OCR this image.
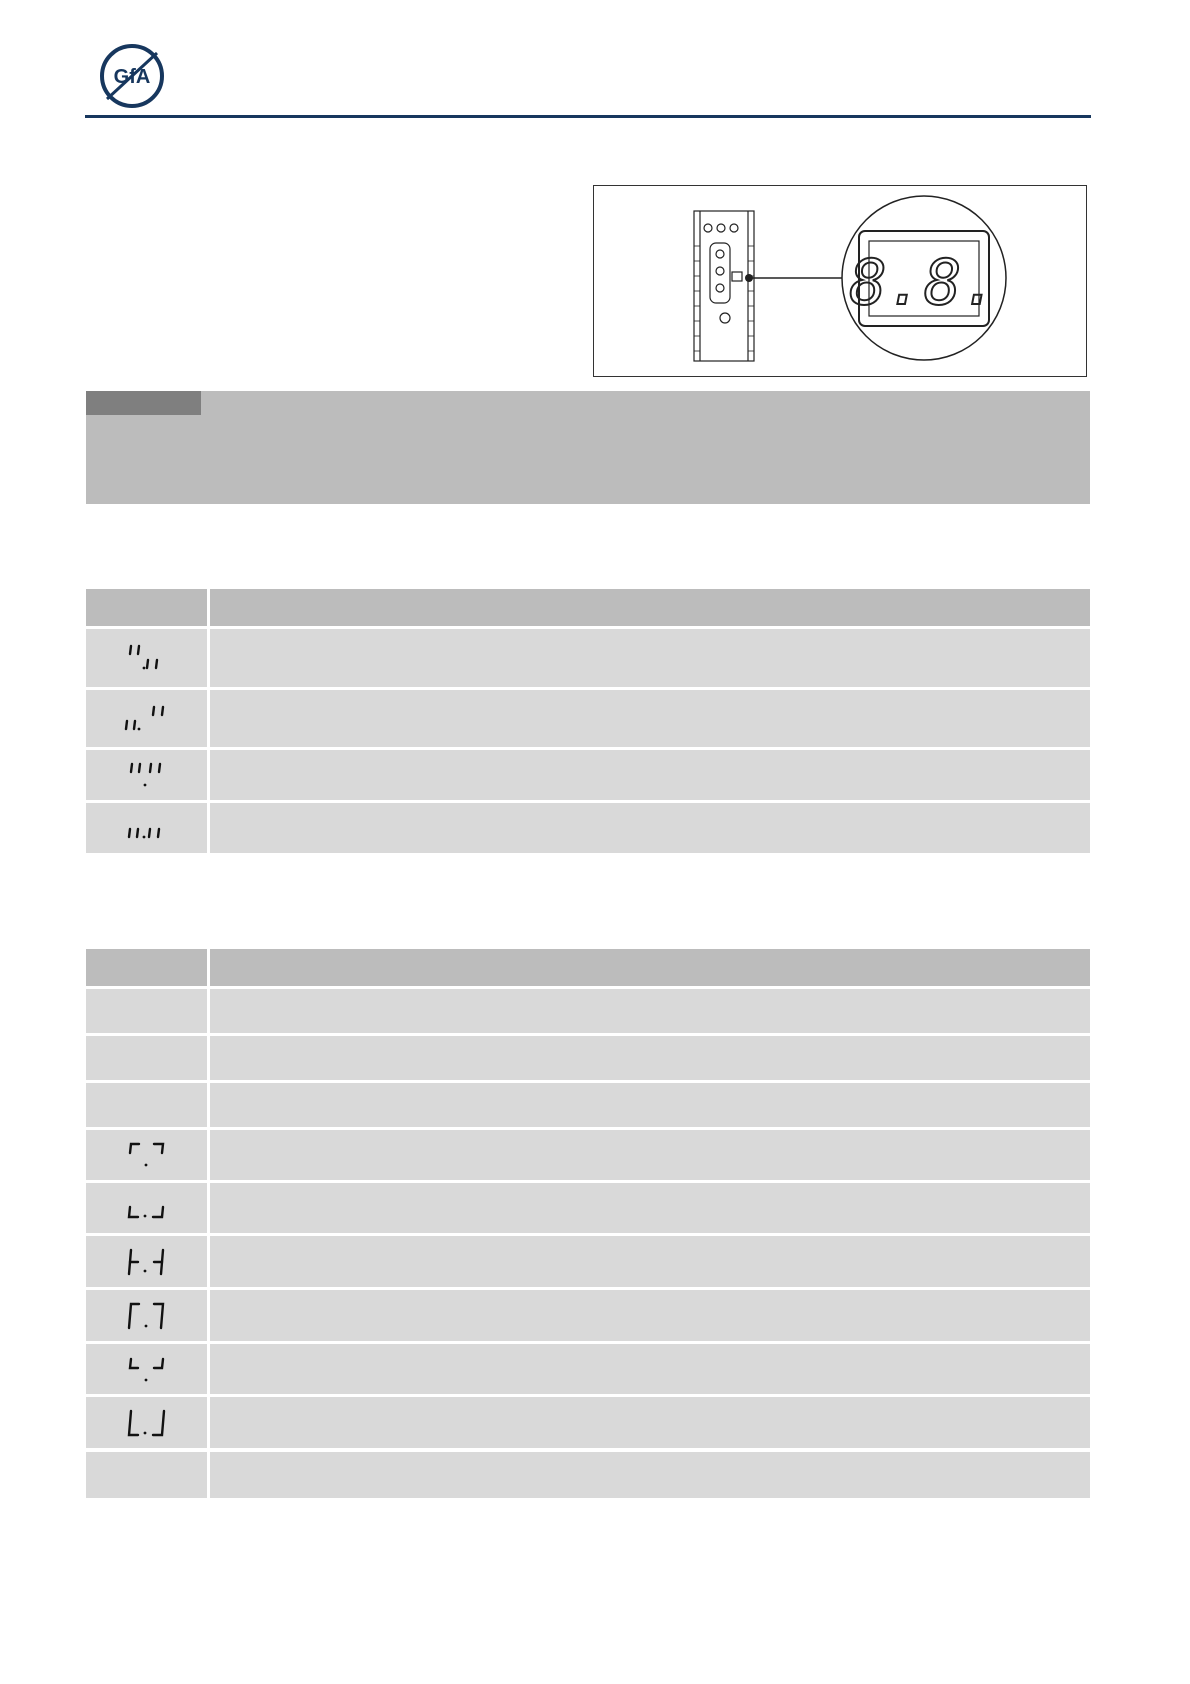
GfA
8.8.
